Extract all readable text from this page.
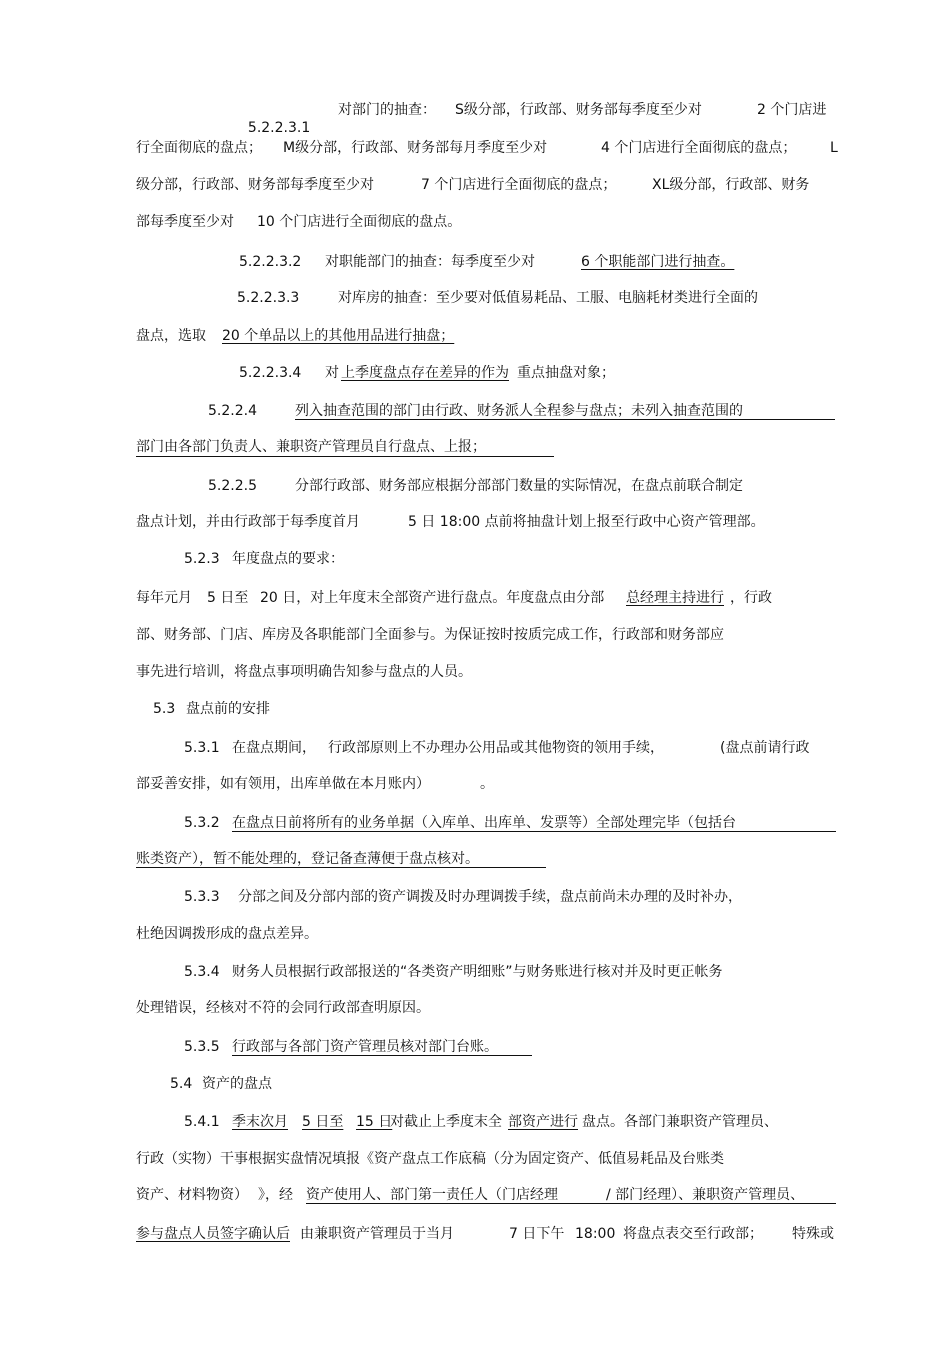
5.2.2.3.1

对部门的抽查： S级分部，行政部、财务部每季度至少对	2 个门店进
行全面彻底的盘点； M级分部，行政部、财务部每月季度至少对	4 个门店进行全面彻底的盘点； L
级分部，行政部、财务部每季度至少对	7 个门店进行全面彻底的盘点；	XL级分部，行政部、财务
部每季度至少对 10 个门店进行全面彻底的盘点。
5.2.2.3.2 对职能部门的抽查：每季度至少对	6 个职能部门进行抽查。
5.2.2.3.3	对库房的抽查：至少要对低值易耗品、工服、电脑耗材类进行全面的
盘点，选取 20 个单品以上的其他用品进行抽盘；
5.2.2.3.4 对 上季度盘点存在差异的作为 重点抽盘对象；
5.2.2.4	列入抽查范围的部门由行政、财务派人全程参与盘点；未列入抽查范围的
部门由各部门负责人、兼职资产管理员自行盘点、上报；
5.2.2.5	分部行政部、财务部应根据分部部门数量的实际情况，在盘点前联合制定
盘点计划，并由行政部于每季度首月	5 日 18:00 点前将抽盘计划上报至行政中心资产管理部。
5.2.3 年度盘点的要求：
每年元月 5 日至 20 日，对上年度末全部资产进行盘点。年度盘点由分部 总经理主持进行 ，行政
部、财务部、门店、库房及各职能部门全面参与。为保证按时按质完成工作，行政部和财务部应
事先进行培训，将盘点事项明确告知参与盘点的人员。
5.3 盘点前的安排
5.3.1 在盘点期间， 行政部原则上不办理办公用品或其他物资的领用手续，	(盘点前请行政
部妥善安排，如有领用，出库单做在本月账内）	。
5.3.2 在盘点日前将所有的业务单据（入库单、出库单、发票等）全部处理完毕（包括台
账类资产），暂不能处理的，登记备查薄便于盘点核对。
5.3.3 分部之间及分部内部的资产调拨及时办理调拨手续，盘点前尚未办理的及时补办，
杜绝因调拨形成的盘点差异。
5.3.4 财务人员根据行政部报送的“各类资产明细账”与财务账进行核对并及时更正帐务
处理错误，经核对不符的会同行政部查明原因。
5.3.5 行政部与各部门资产管理员核对部门台账。
5.4 资产的盘点
5.4.1 季末次月 5 日至 15 日
对截止上季度末全 部资产进行 盘点。各部门兼职资产管理员、
行政（实物）干事根据实盘情况填报《资产盘点工作底稿（分为固定资产、低值易耗品及台账类
资产、材料物资） 》，经 资产使用人、部门第一责任人（门店经理	/ 部门经理）、兼职资产管理员、
参与盘点人员签字确认后 由兼职资产管理员于当月	7 日下午 18:00 将盘点表交至行政部； 特殊或
